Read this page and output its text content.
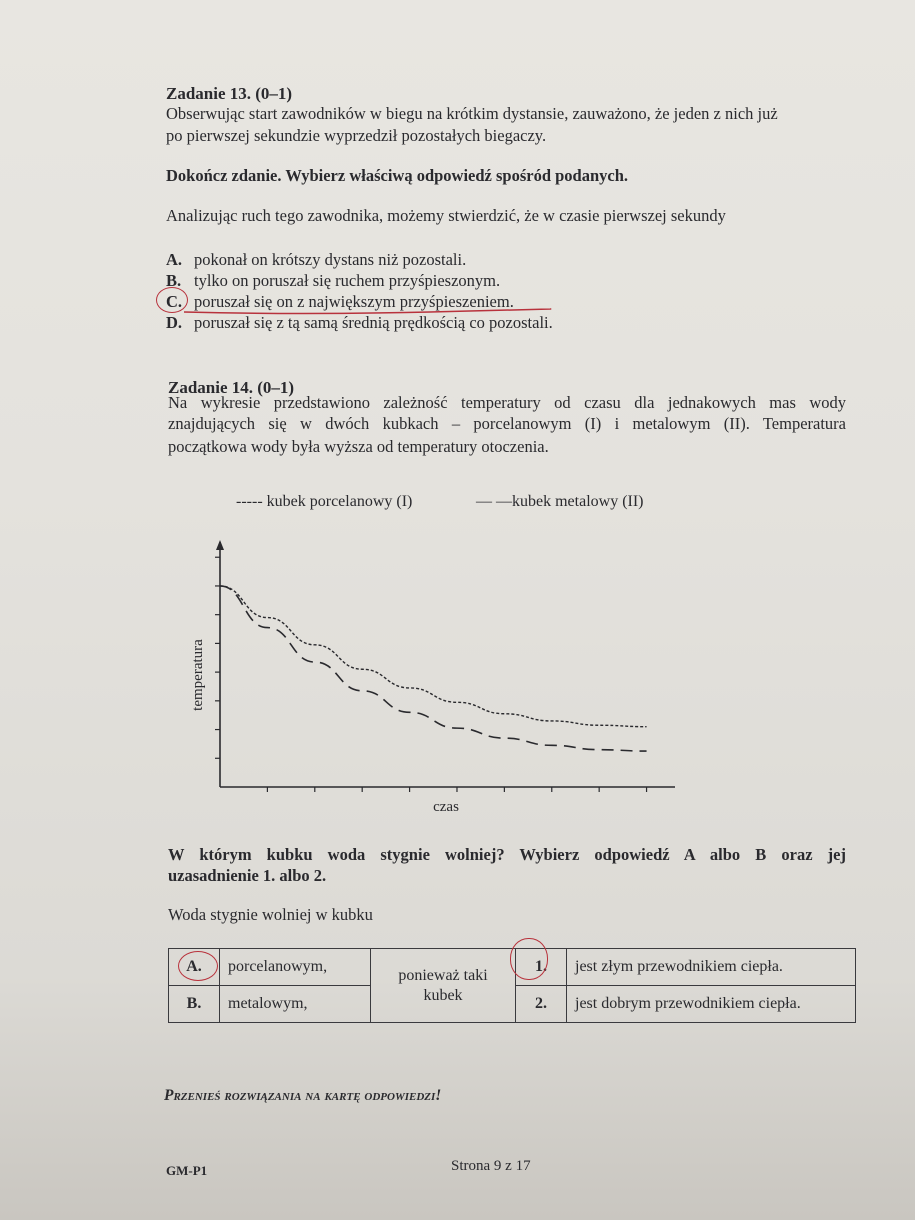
Zadanie 13. (0–1)
Obserwując start zawodników w biegu na krótkim dystansie, zauważono, że jeden z nich już
po pierwszej sekundzie wyprzedził pozostałych biegaczy.
Dokończ zdanie. Wybierz właściwą odpowiedź spośród podanych.
Analizując ruch tego zawodnika, możemy stwierdzić, że w czasie pierwszej sekundy
A. pokonał on krótszy dystans niż pozostali.
B. tylko on poruszał się ruchem przyśpieszonym.
C. poruszał się on z największym przyśpieszeniem.
D. poruszał się z tą samą średnią prędkością co pozostali.
Zadanie 14. (0–1)
Na wykresie przedstawiono zależność temperatury od czasu dla jednakowych mas wody
znajdujących się w dwóch kubkach – porcelanowym (I) i metalowym (II). Temperatura
początkowa wody była wyższa od temperatury otoczenia.
----- kubek porcelanowy (I)	— —kubek metalowy (II)
temperatura
czas
W którym kubku woda stygnie wolniej? Wybierz odpowiedź A albo B oraz jej
uzasadnienie 1. albo 2.
Woda stygnie wolniej w kubku
A.	porcelanowym,	ponieważ taki kubek	1.	jest złym przewodnikiem ciepła.
B.	metalowym,		2.	jest dobrym przewodnikiem ciepła.
Przenieś rozwiązania na kartę odpowiedzi!
GM-P1	Strona 9 z 17
